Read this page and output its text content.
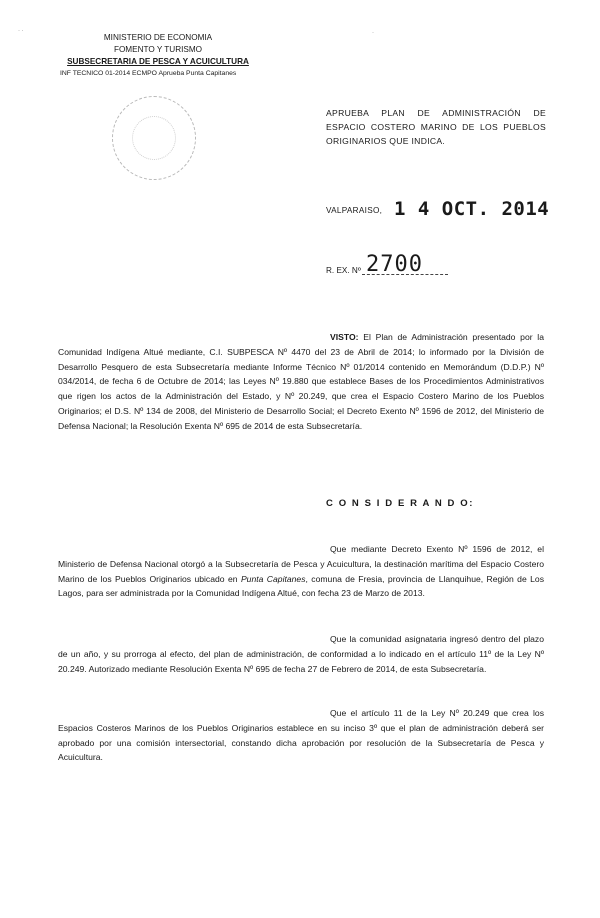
· ·	·
MINISTERIO DE ECONOMIA
FOMENTO Y TURISMO
SUBSECRETARIA DE PESCA Y ACUICULTURA
INF TECNICO 01-2014 ECMPO Aprueba Punta Capitanes
APRUEBA PLAN DE ADMINISTRACIÓN DE ESPACIO COSTERO MARINO DE LOS PUEBLOS ORIGINARIOS QUE INDICA.
VALPARAISO, 1 4 OCT. 2014
R. EX. Nº 2700
VISTO: El Plan de Administración presentado por la Comunidad Indígena Altué mediante, C.I. SUBPESCA Nº 4470 del 23 de Abril de 2014; lo informado por la División de Desarrollo Pesquero de esta Subsecretaría mediante Informe Técnico Nº 01/2014 contenido en Memorándum (D.D.P.) Nº 034/2014, de fecha 6 de Octubre de 2014; las Leyes Nº 19.880 que establece Bases de los Procedimientos Administrativos que rigen los actos de la Administración del Estado, y Nº 20.249, que crea el Espacio Costero Marino de los Pueblos Originarios; el D.S. Nº 134 de 2008, del Ministerio de Desarrollo Social; el Decreto Exento Nº 1596 de 2012, del Ministerio de Defensa Nacional; la Resolución Exenta Nº 695 de 2014 de esta Subsecretaría.
C O N S I D E R A N D O:
Que mediante Decreto Exento Nº 1596 de 2012, el Ministerio de Defensa Nacional otorgó a la Subsecretaría de Pesca y Acuicultura, la destinación marítima del Espacio Costero Marino de los Pueblos Originarios ubicado en Punta Capitanes, comuna de Fresia, provincia de Llanquihue, Región de Los Lagos, para ser administrada por la Comunidad Indígena Altué, con fecha 23 de Marzo de 2013.
Que la comunidad asignataria ingresó dentro del plazo de un año, y su prorroga al efecto, del plan de administración, de conformidad a lo indicado en el artículo 11º de la Ley Nº 20.249. Autorizado mediante Resolución Exenta Nº 695 de fecha 27 de Febrero de 2014, de esta Subsecretaría.
Que el artículo 11 de la Ley Nº 20.249 que crea los Espacios Costeros Marinos de los Pueblos Originarios establece en su inciso 3º que el plan de administración deberá ser aprobado por una comisión intersectorial, constando dicha aprobación por resolución de la Subsecretaría de Pesca y Acuicultura.
